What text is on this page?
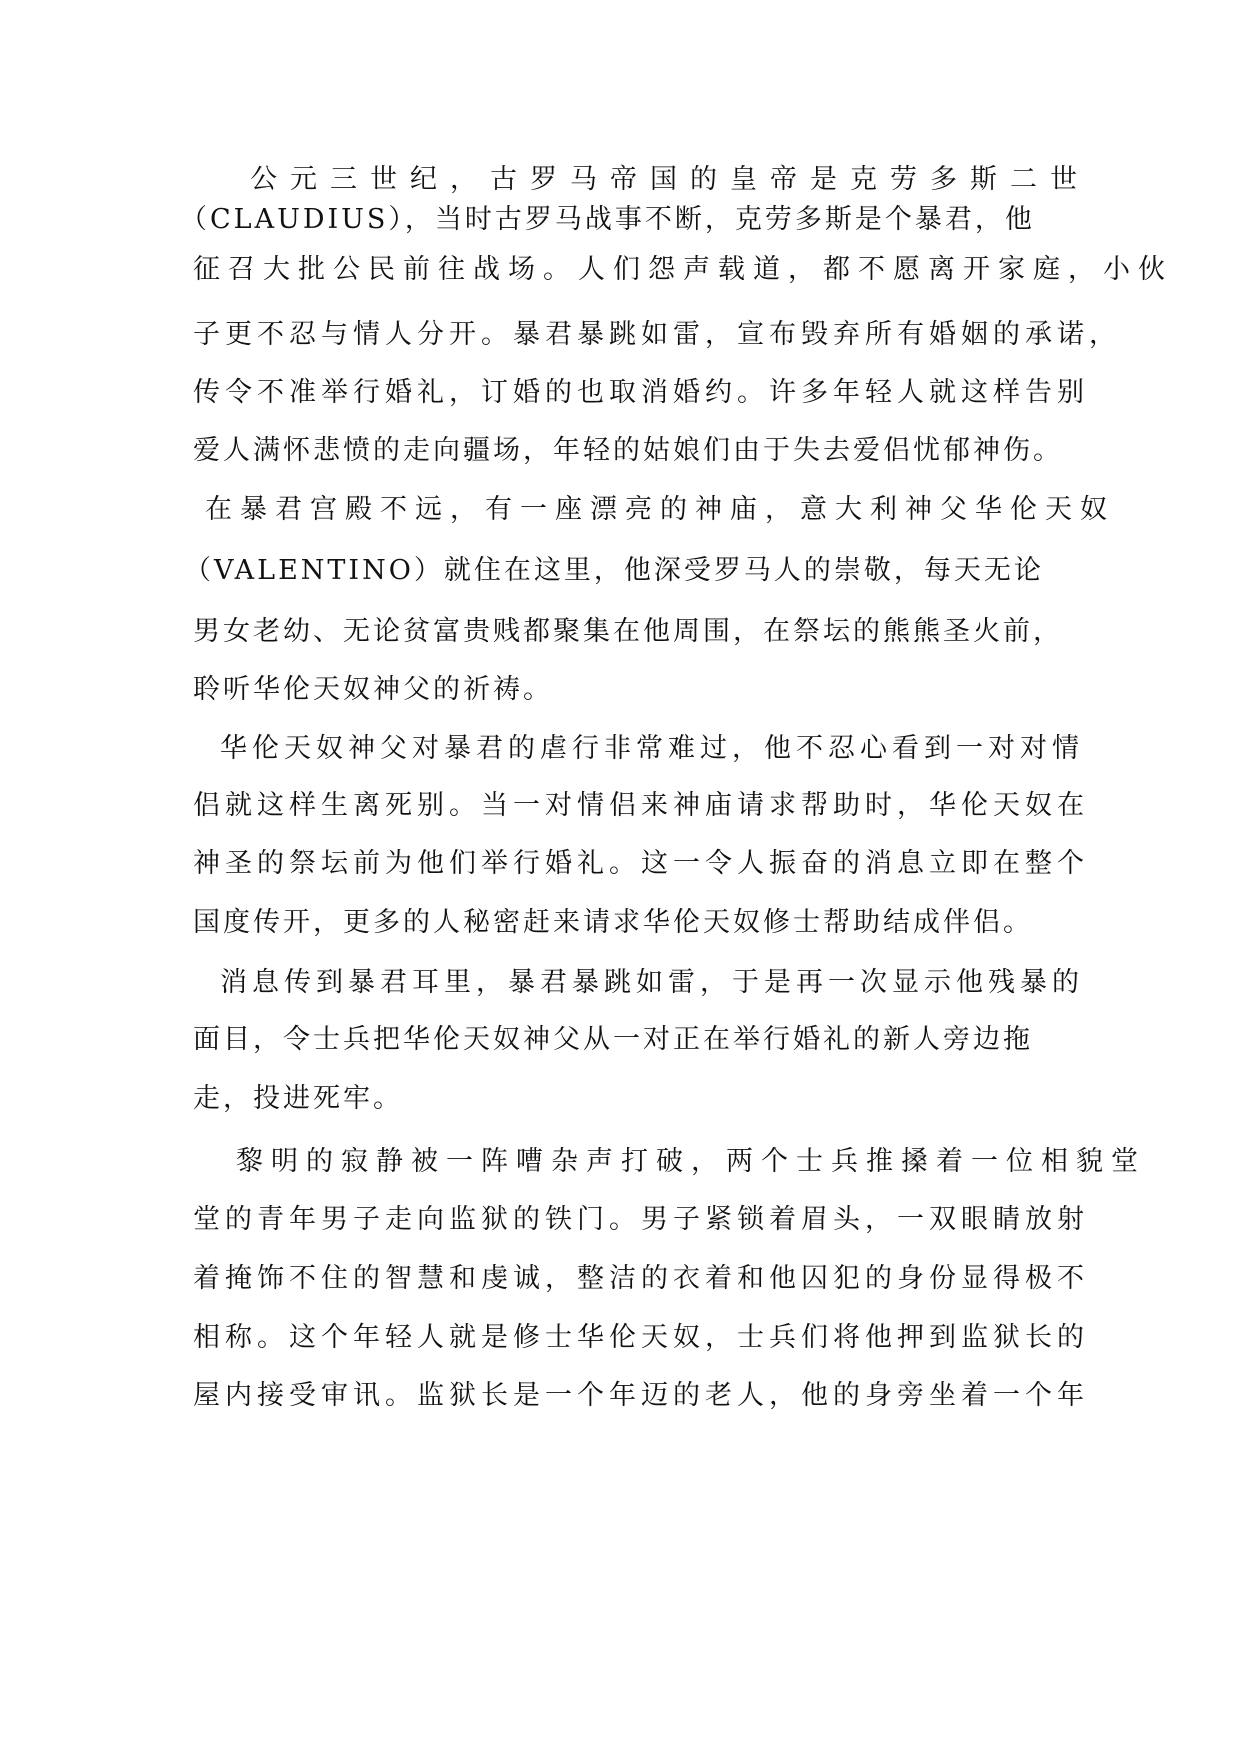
公元三世纪，古罗马帝国的皇帝是克劳多斯二世
（CLAUDIUS），当时古罗马战事不断，克劳多斯是个暴君，他
征召大批公民前往战场。人们怨声载道，都不愿离开家庭，小伙
子更不忍与情人分开。暴君暴跳如雷，宣布毁弃所有婚姻的承诺，
传令不准举行婚礼，订婚的也取消婚约。许多年轻人就这样告别
爱人满怀悲愤的走向疆场，年轻的姑娘们由于失去爱侣忧郁神伤。
在暴君宫殿不远，有一座漂亮的神庙，意大利神父华伦天奴
（VALENTINO）就住在这里，他深受罗马人的崇敬，每天无论
男女老幼、无论贫富贵贱都聚集在他周围，在祭坛的熊熊圣火前，
聆听华伦天奴神父的祈祷。
华伦天奴神父对暴君的虐行非常难过，他不忍心看到一对对情
侣就这样生离死别。当一对情侣来神庙请求帮助时，华伦天奴在
神圣的祭坛前为他们举行婚礼。这一令人振奋的消息立即在整个
国度传开，更多的人秘密赶来请求华伦天奴修士帮助结成伴侣。
消息传到暴君耳里，暴君暴跳如雷，于是再一次显示他残暴的
面目，令士兵把华伦天奴神父从一对正在举行婚礼的新人旁边拖
走，投进死牢。
黎明的寂静被一阵嘈杂声打破，两个士兵推搡着一位相貌堂
堂的青年男子走向监狱的铁门。男子紧锁着眉头，一双眼睛放射
着掩饰不住的智慧和虔诚，整洁的衣着和他囚犯的身份显得极不
相称。这个年轻人就是修士华伦天奴，士兵们将他押到监狱长的
屋内接受审讯。监狱长是一个年迈的老人，他的身旁坐着一个年
